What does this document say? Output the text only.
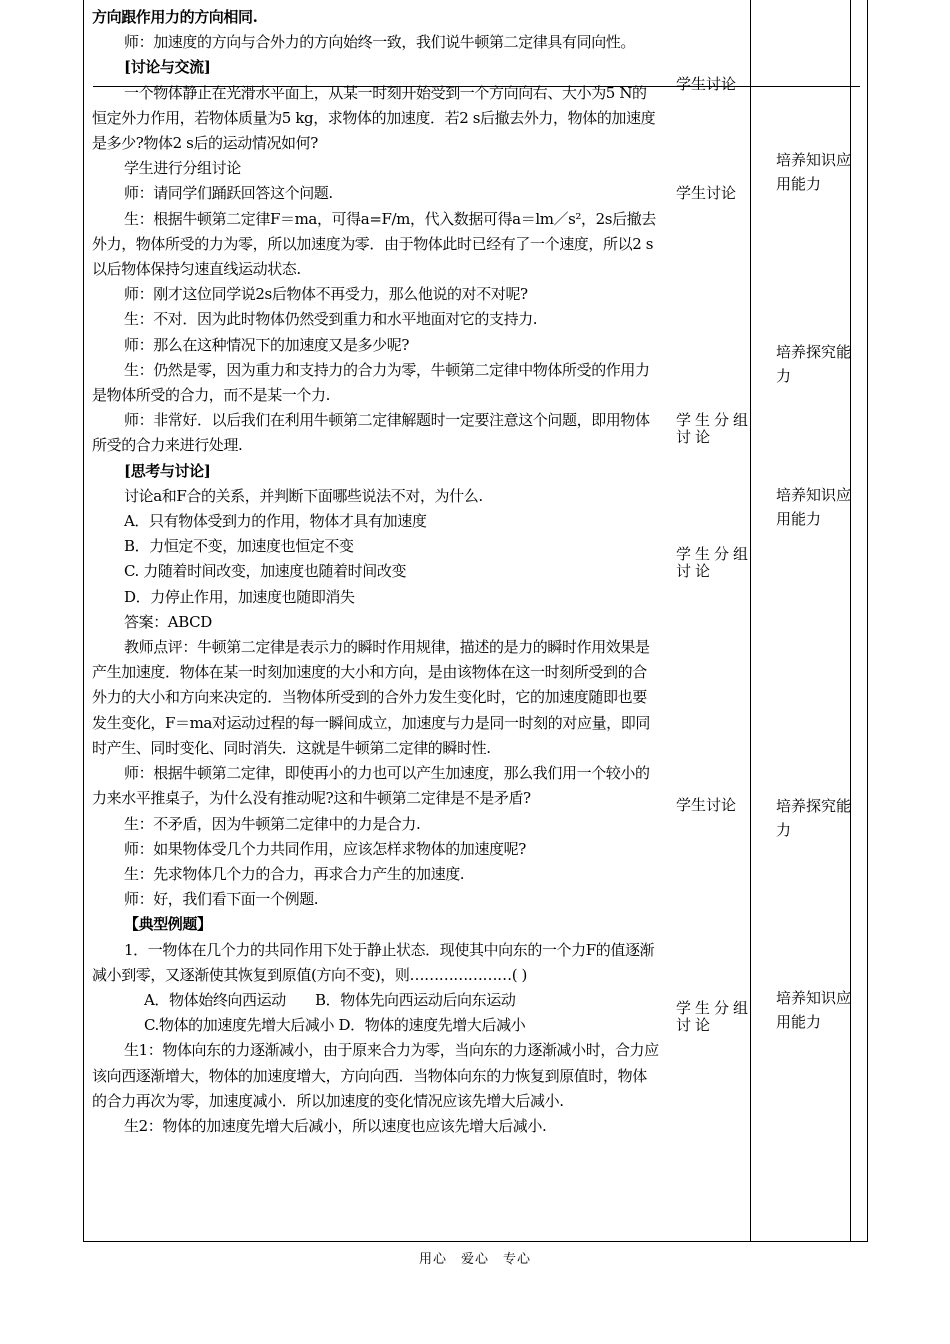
方向跟作用力的方向相同.

师：加速度的方向与合外力的方向始终一致，我们说牛顿第二定律具有同向性。

[讨论与交流]

一个物体静止在光滑水平面上，从某一时刻开始受到一个方向向右、大小为5 N的恒定外力作用，若物体质量为5 kg，求物体的加速度．若2 s后撤去外力，物体的加速度是多少?物体2 s后的运动情况如何?

学生进行分组讨论

师：请同学们踊跃回答这个问题.

生：根据牛顿第二定律F＝ma，可得a=F/m，代入数据可得a＝lm／s²，2s后撤去外力，物体所受的力为零，所以加速度为零．由于物体此时已经有了一个速度，所以2 s以后物体保持匀速直线运动状态.

师：刚才这位同学说2s后物体不再受力，那么他说的对不对呢?

生：不对．因为此时物体仍然受到重力和水平地面对它的支持力.

师：那么在这种情况下的加速度又是多少呢?

生：仍然是零，因为重力和支持力的合力为零，牛顿第二定律中物体所受的作用力是物体所受的合力，而不是某一个力.

师：非常好．以后我们在利用牛顿第二定律解题时一定要注意这个问题，即用物体所受的合力来进行处理.

[思考与讨论]

讨论a和F合的关系，并判断下面哪些说法不对，为什么.

A．只有物体受到力的作用，物体才具有加速度

B．力恒定不变，加速度也恒定不变

C. 力随着时间改变，加速度也随着时间改变

D．力停止作用，加速度也随即消失

答案：ABCD

教师点评：牛顿第二定律是表示力的瞬时作用规律，描述的是力的瞬时作用效果是产生加速度．物体在某一时刻加速度的大小和方向，是由该物体在这一时刻所受到的合外力的大小和方向来决定的．当物体所受到的合外力发生变化时，它的加速度随即也要发生变化，F＝ma对运动过程的每一瞬间成立，加速度与力是同一时刻的对应量，即同时产生、同时变化、同时消失．这就是牛顿第二定律的瞬时性.

师：根据牛顿第二定律，即使再小的力也可以产生加速度，那么我们用一个较小的力来水平推桌子，为什么没有推动呢?这和牛顿第二定律是不是矛盾?

生：不矛盾，因为牛顿第二定律中的力是合力.

师：如果物体受几个力共同作用，应该怎样求物体的加速度呢?

生：先求物体几个力的合力，再求合力产生的加速度.

师：好，我们看下面一个例题.

【典型例题】

1．一物体在几个力的共同作用下处于静止状态．现使其中向东的一个力F的值逐渐减小到零，又逐渐使其恢复到原值(方向不变)，则…………………( )

A．物体始终向西运动　　B．物体先向西运动后向东运动

C.物体的加速度先增大后减小 D．物体的速度先增大后减小

生1：物体向东的力逐渐减小，由于原来合力为零，当向东的力逐渐减小时，合力应该向西逐渐增大，物体的加速度增大，方向向西．当物体向东的力恢复到原值时，物体的合力再次为零，加速度减小．所以加速度的变化情况应该先增大后减小.

生2：物体的加速度先增大后减小，所以速度也应该先增大后减小.

学生讨论
学生讨论
学生分组讨论
学生分组讨论
学生讨论
学生分组讨论
培养知识应用能力
培养探究能力
培养知识应用能力
培养探究能力
培养知识应用能力
用心　爱心　专心
